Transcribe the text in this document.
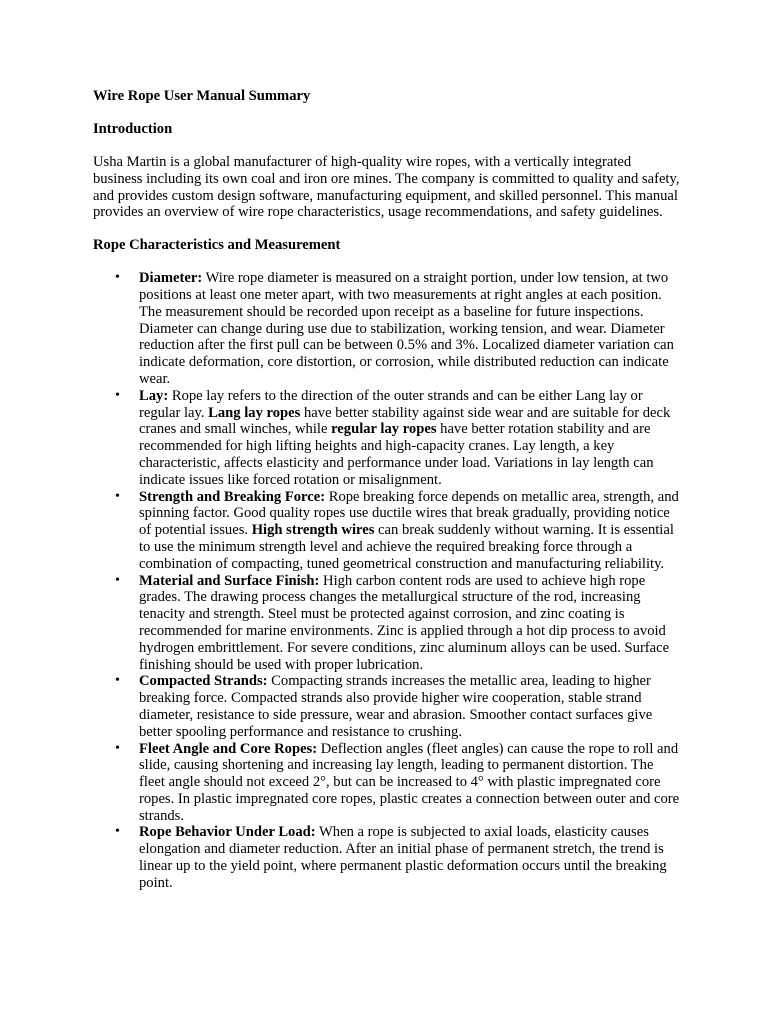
Wire Rope User Manual Summary

Introduction

Usha Martin is a global manufacturer of high-quality wire ropes, with a vertically integrated business including its own coal and iron ore mines. The company is committed to quality and safety, and provides custom design software, manufacturing equipment, and skilled personnel. This manual provides an overview of wire rope characteristics, usage recommendations, and safety guidelines.

Rope Characteristics and Measurement

• Diameter: Wire rope diameter is measured on a straight portion, under low tension, at two positions at least one meter apart, with two measurements at right angles at each position. The measurement should be recorded upon receipt as a baseline for future inspections. Diameter can change during use due to stabilization, working tension, and wear. Diameter reduction after the first pull can be between 0.5% and 3%. Localized diameter variation can indicate deformation, core distortion, or corrosion, while distributed reduction can indicate wear.
• Lay: Rope lay refers to the direction of the outer strands and can be either Lang lay or regular lay. Lang lay ropes have better stability against side wear and are suitable for deck cranes and small winches, while regular lay ropes have better rotation stability and are recommended for high lifting heights and high-capacity cranes. Lay length, a key characteristic, affects elasticity and performance under load. Variations in lay length can indicate issues like forced rotation or misalignment.
• Strength and Breaking Force: Rope breaking force depends on metallic area, strength, and spinning factor. Good quality ropes use ductile wires that break gradually, providing notice of potential issues. High strength wires can break suddenly without warning. It is essential to use the minimum strength level and achieve the required breaking force through a combination of compacting, tuned geometrical construction and manufacturing reliability.
• Material and Surface Finish: High carbon content rods are used to achieve high rope grades. The drawing process changes the metallurgical structure of the rod, increasing tenacity and strength. Steel must be protected against corrosion, and zinc coating is recommended for marine environments. Zinc is applied through a hot dip process to avoid hydrogen embrittlement. For severe conditions, zinc aluminum alloys can be used. Surface finishing should be used with proper lubrication.
• Compacted Strands: Compacting strands increases the metallic area, leading to higher breaking force. Compacted strands also provide higher wire cooperation, stable strand diameter, resistance to side pressure, wear and abrasion. Smoother contact surfaces give better spooling performance and resistance to crushing.
• Fleet Angle and Core Ropes: Deflection angles (fleet angles) can cause the rope to roll and slide, causing shortening and increasing lay length, leading to permanent distortion. The fleet angle should not exceed 2°, but can be increased to 4° with plastic impregnated core ropes. In plastic impregnated core ropes, plastic creates a connection between outer and core strands.
• Rope Behavior Under Load: When a rope is subjected to axial loads, elasticity causes elongation and diameter reduction. After an initial phase of permanent stretch, the trend is linear up to the yield point, where permanent plastic deformation occurs until the breaking point.
